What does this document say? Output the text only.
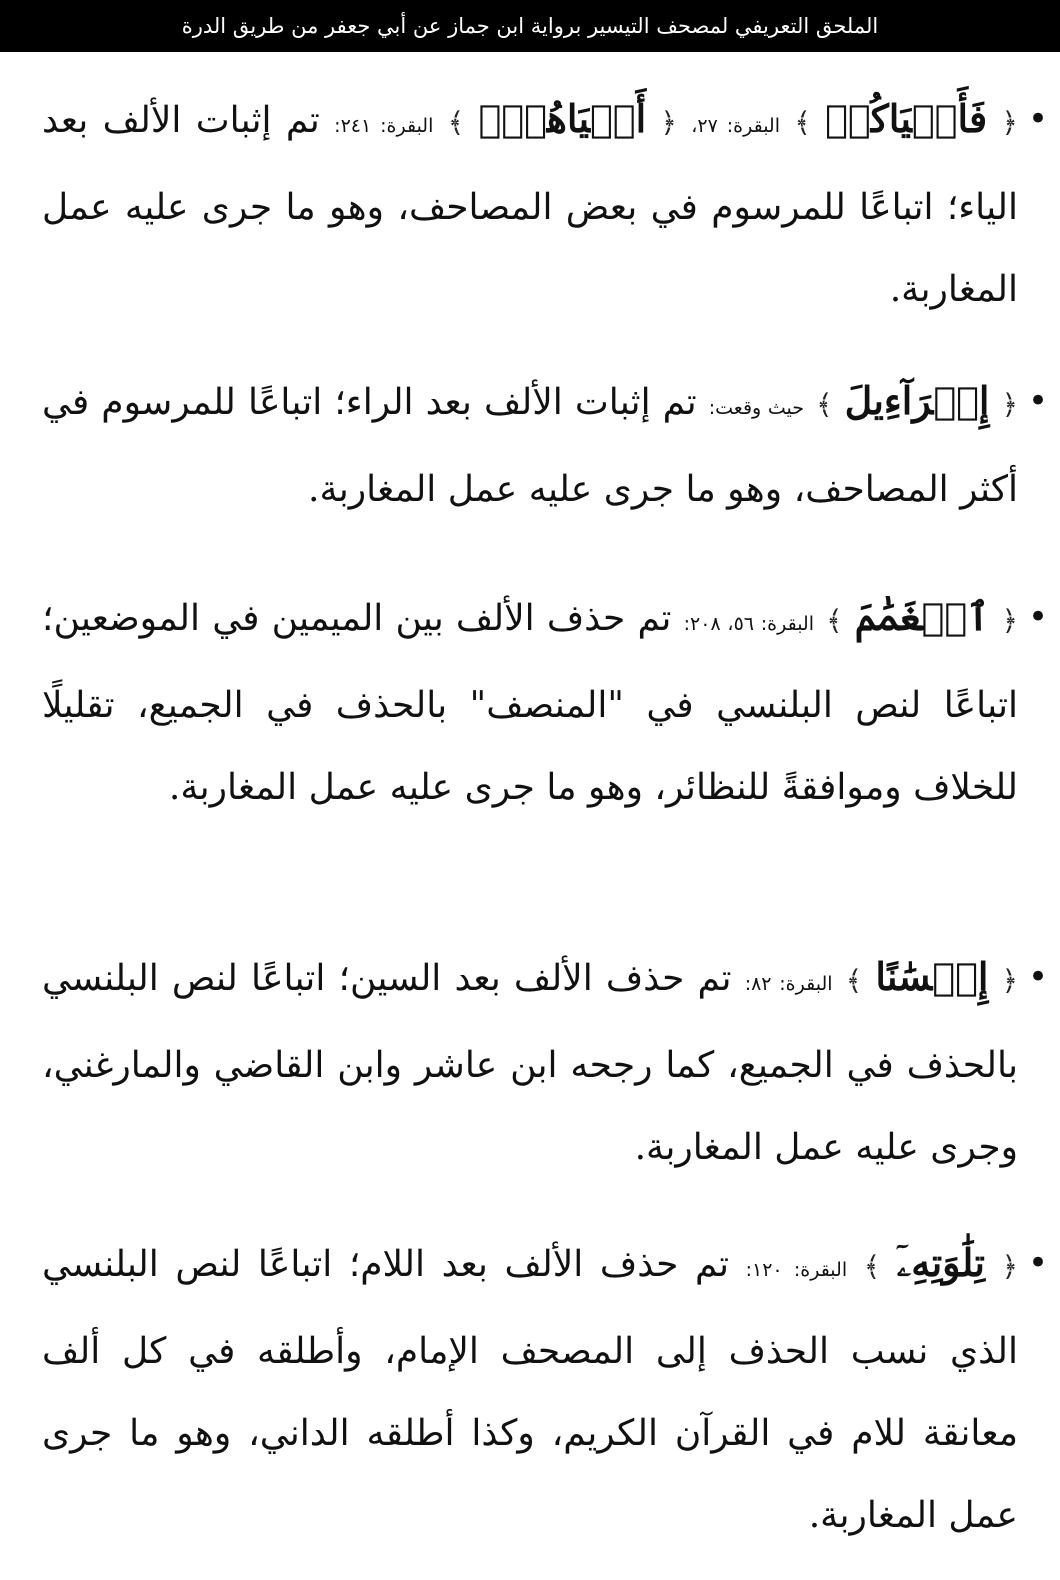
الملحق التعريفي لمصحف التيسير برواية ابن جماز عن أبي جعفر من طريق الدرة
•
﴿ فَأَحۡيَاكُمۡ ﴾ البقرة: ٢٧، ﴿ أَحۡيَاهُمۡۚ ﴾ البقرة: ٢٤١: تم إثبات الألف بعد الياء؛ اتباعًا للمرسوم في بعض المصاحف، وهو ما جرى عليه عمل المغاربة.
•
﴿ إِسۡرَآءِيلَ ﴾ حيث وقعت: تم إثبات الألف بعد الراء؛ اتباعًا للمرسوم في أكثر المصاحف، وهو ما جرى عليه عمل المغاربة.
•
﴿ ٱلۡغَمَٰمَ ﴾ البقرة: ٥٦، ٢٠٨: تم حذف الألف بين الميمين في الموضعين؛ اتباعًا لنص البلنسي في "المنصف" بالحذف في الجميع، تقليلًا للخلاف وموافقةً للنظائر، وهو ما جرى عليه عمل المغاربة.
•
﴿ إِحۡسَٰنًا ﴾ البقرة: ٨٢: تم حذف الألف بعد السين؛ اتباعًا لنص البلنسي بالحذف في الجميع، كما رجحه ابن عاشر وابن القاضي والمارغني، وجرى عليه عمل المغاربة.
•
﴿ تِلَٰوَتِهِۦٓ ﴾ البقرة: ١٢٠: تم حذف الألف بعد اللام؛ اتباعًا لنص البلنسي الذي نسب الحذف إلى المصحف الإمام، وأطلقه في كل ألف معانقة للام في القرآن الكريم، وكذا أطلقه الداني، وهو ما جرى عمل المغاربة.
